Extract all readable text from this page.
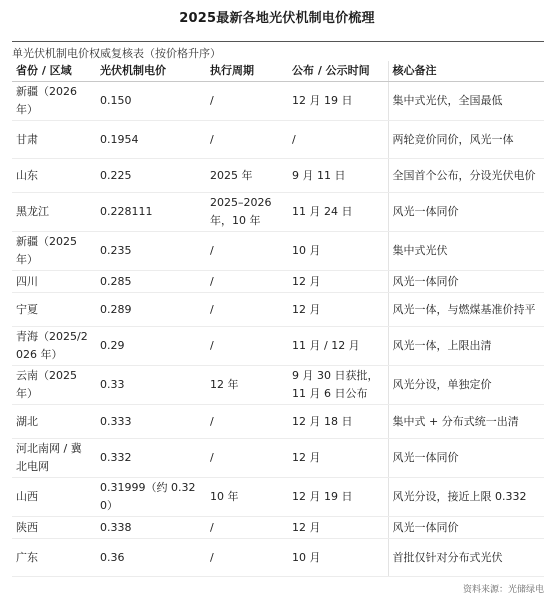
2025最新各地光伏机制电价梳理
单光伏机制电价权威复核表（按价格升序）
省份 / 区域	光伏机制电价	执行周期	公布 / 公示时间	核心备注
新疆（2026年）	0.150	/	12 月 19 日	集中式光伏，全国最低
甘肃	0.1954	/	/	两轮竞价同价，风光一体
山东	0.225	2025 年	9 月 11 日	全国首个公布，分设光伏电价
黑龙江	0.228111	2025–2026 年，10 年	11 月 24 日	风光一体同价
新疆（2025年）	0.235	/	10 月	集中式光伏
四川	0.285	/	12 月	风光一体同价
宁夏	0.289	/	12 月	风光一体，与燃煤基准价持平
青海（2025/2026 年）	0.29	/	11 月 / 12 月	风光一体，上限出清
云南（2025年）	0.33	12 年	9 月 30 日获批，11 月 6 日公布	风光分设，单独定价
湖北	0.333	/	12 月 18 日	集中式 + 分布式统一出清
河北南网 / 冀北电网	0.332	/	12 月	风光一体同价
山西	0.31999（约 0.320）	10 年	12 月 19 日	风光分设，接近上限 0.332
陕西	0.338	/	12 月	风光一体同价
广东	0.36	/	10 月	首批仅针对分布式光伏
资料来源：光储绿电
